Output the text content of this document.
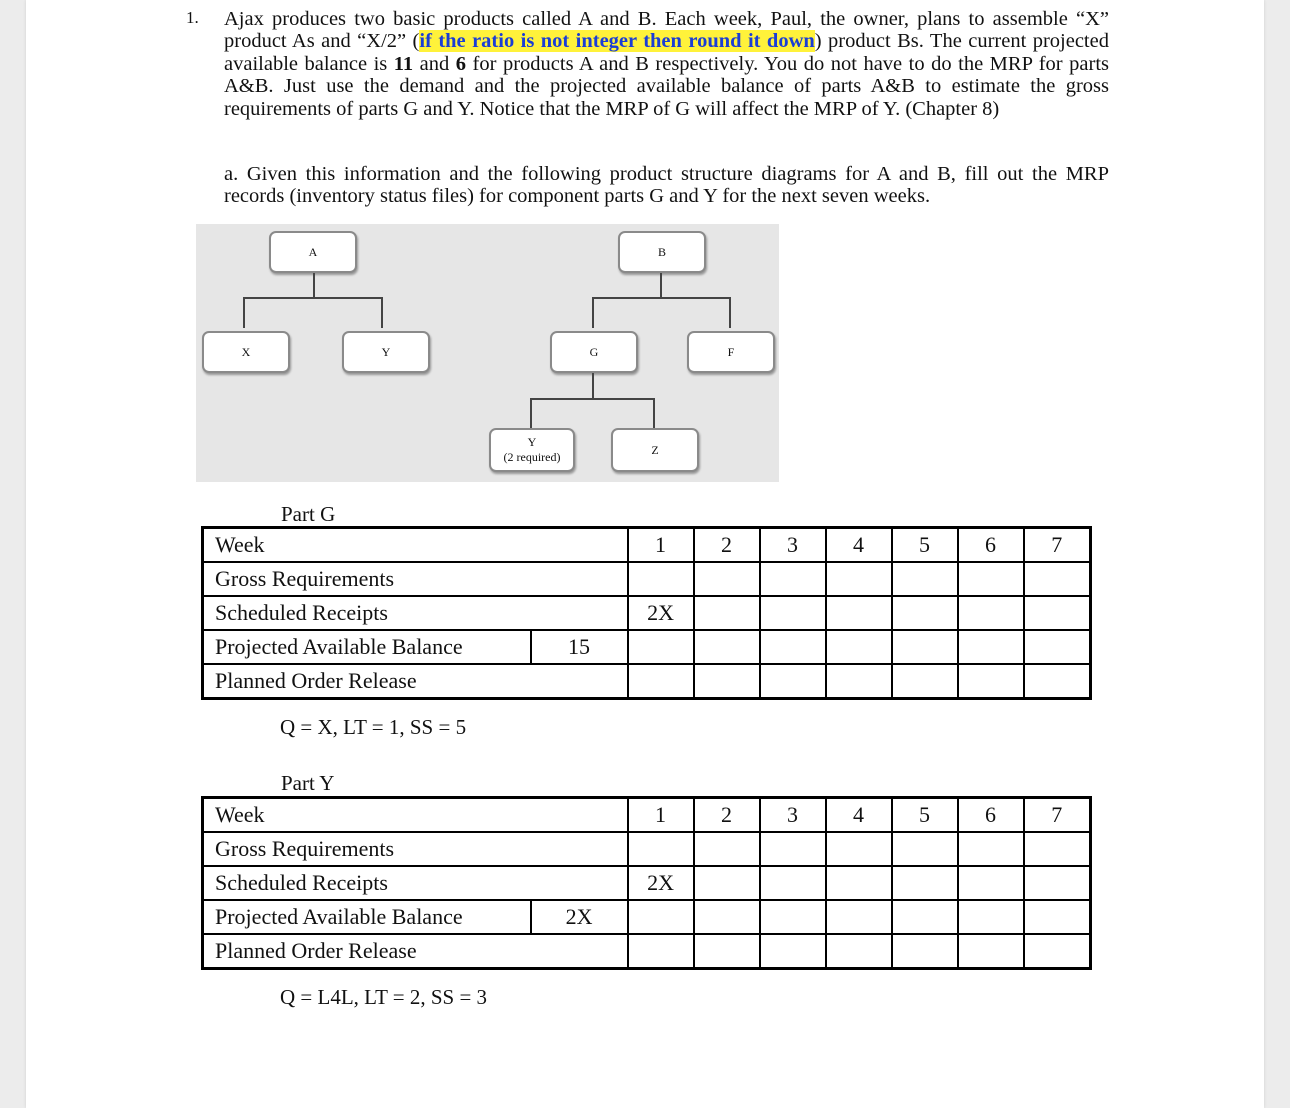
1. Ajax produces two basic products called A and B. Each week, Paul, the owner, plans to assemble “X” product As and “X/2” (if the ratio is not integer then round it down) product Bs. The current projected available balance is 11 and 6 for products A and B respectively. You do not have to do the MRP for parts A&B. Just use the demand and the projected available balance of parts A&B to estimate the gross requirements of parts G and Y. Notice that the MRP of G will affect the MRP of Y. (Chapter 8)

a. Given this information and the following product structure diagrams for A and B, fill out the MRP records (inventory status files) for component parts G and Y for the next seven weeks.

A
X	Y
B
G	F
Y
(2 required)
Z
Part G
Week		1	2	3	4	5	6	7
Gross Requirements								
Scheduled Receipts		2X						
Projected Available Balance	15							
Planned Order Release								
Q = X, LT = 1, SS = 5
Part Y
Week		1	2	3	4	5	6	7
Gross Requirements								
Scheduled Receipts		2X						
Projected Available Balance	2X							
Planned Order Release								
Q = L4L, LT = 2, SS = 3
